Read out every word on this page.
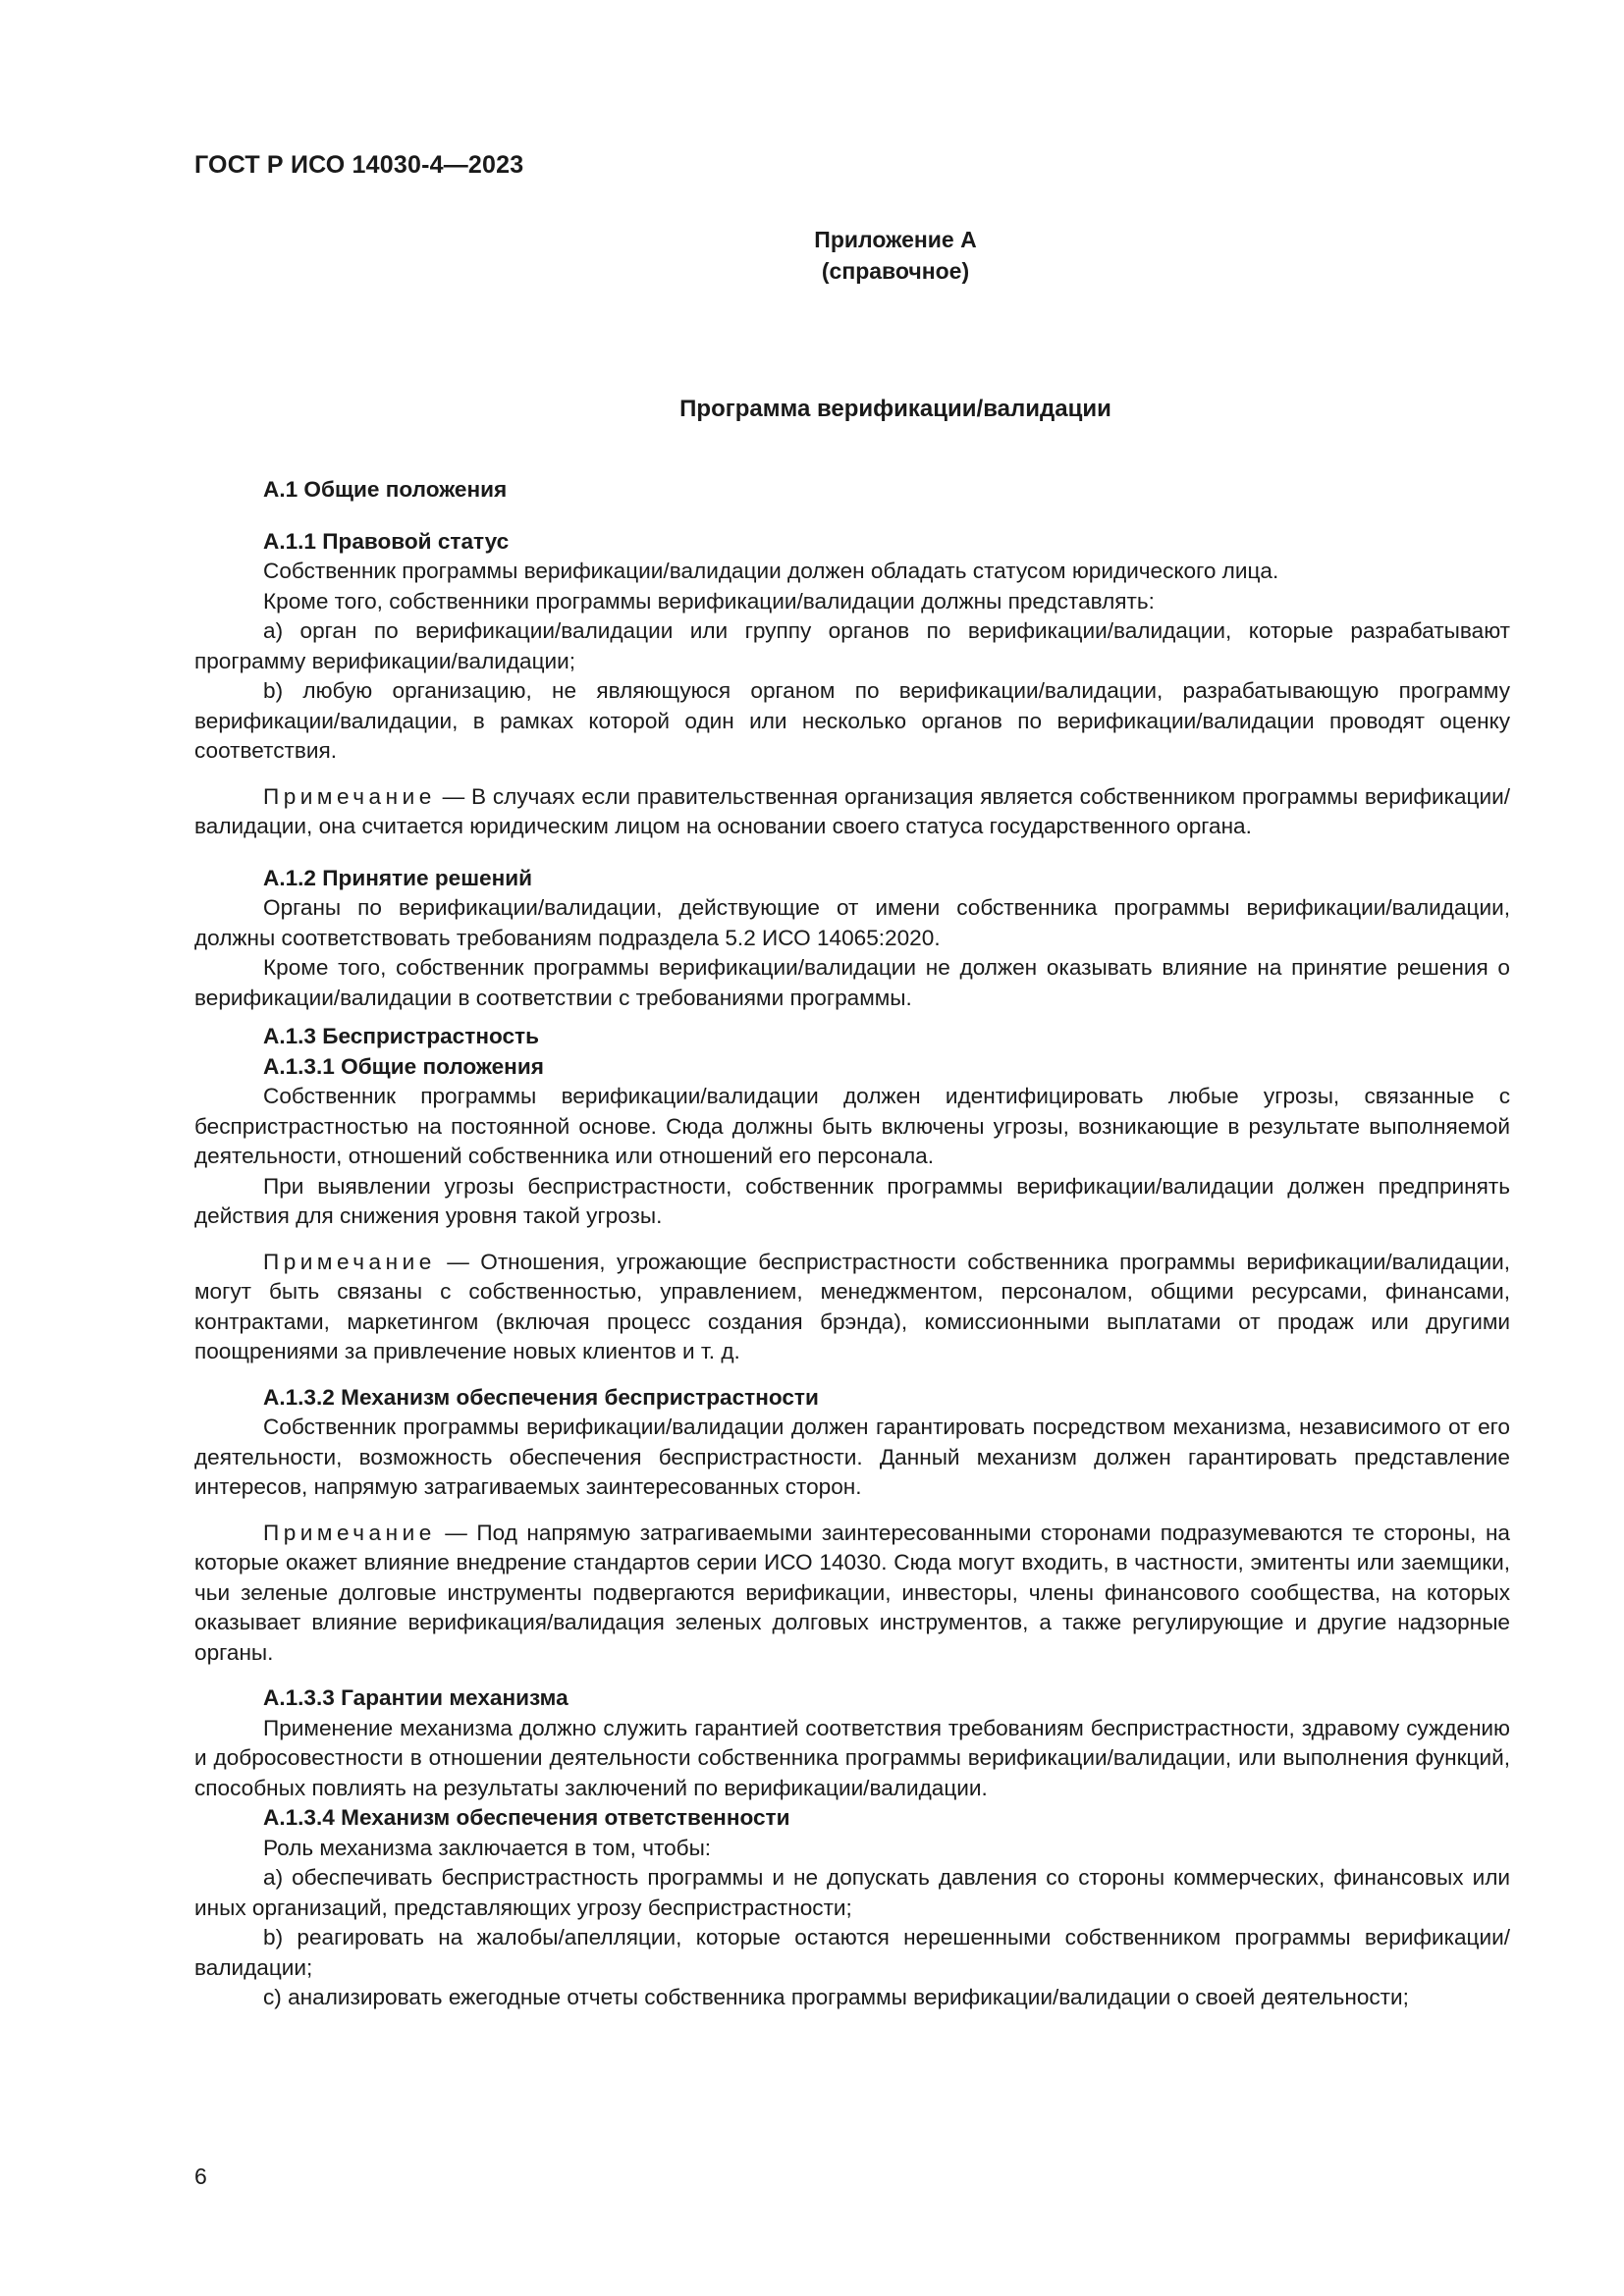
ГОСТ Р ИСО 14030-4—2023
Приложение А
(справочное)
Программа верификации/валидации

А.1 Общие положения

А.1.1 Правовой статус

Собственник программы верификации/валидации должен обладать статусом юридического лица.

Кроме того, собственники программы верификации/валидации должны представлять:

а) орган по верификации/валидации или группу органов по верификации/валидации, которые разрабатывают программу верификации/валидации;

b) любую организацию, не являющуюся органом по верификации/валидации, разрабатывающую программу верификации/валидации, в рамках которой один или несколько органов по верификации/валидации проводят оценку соответствия.

Примечание — В случаях если правительственная организация является собственником программы верификации/валидации, она считается юридическим лицом на основании своего статуса государственного органа.

А.1.2 Принятие решений

Органы по верификации/валидации, действующие от имени собственника программы верификации/валидации, должны соответствовать требованиям подраздела 5.2 ИСО 14065:2020.

Кроме того, собственник программы верификации/валидации не должен оказывать влияние на принятие решения о верификации/валидации в соответствии с требованиями программы.

А.1.3 Беспристрастность

А.1.3.1 Общие положения

Собственник программы верификации/валидации должен идентифицировать любые угрозы, связанные с беспристрастностью на постоянной основе. Сюда должны быть включены угрозы, возникающие в результате выполняемой деятельности, отношений собственника или отношений его персонала.

При выявлении угрозы беспристрастности, собственник программы верификации/валидации должен предпринять действия для снижения уровня такой угрозы.

Примечание — Отношения, угрожающие беспристрастности собственника программы верификации/валидации, могут быть связаны с собственностью, управлением, менеджментом, персоналом, общими ресурсами, финансами, контрактами, маркетингом (включая процесс создания брэнда), комиссионными выплатами от продаж или другими поощрениями за привлечение новых клиентов и т. д.

А.1.3.2 Механизм обеспечения беспристрастности

Собственник программы верификации/валидации должен гарантировать посредством механизма, независимого от его деятельности, возможность обеспечения беспристрастности. Данный механизм должен гарантировать представление интересов, напрямую затрагиваемых заинтересованных сторон.

Примечание — Под напрямую затрагиваемыми заинтересованными сторонами подразумеваются те стороны, на которые окажет влияние внедрение стандартов серии ИСО 14030. Сюда могут входить, в частности, эмитенты или заемщики, чьи зеленые долговые инструменты подвергаются верификации, инвесторы, члены финансового сообщества, на которых оказывает влияние верификация/валидация зеленых долговых инструментов, а также регулирующие и другие надзорные органы.

А.1.3.3 Гарантии механизма

Применение механизма должно служить гарантией соответствия требованиям беспристрастности, здравому суждению и добросовестности в отношении деятельности собственника программы верификации/валидации, или выполнения функций, способных повлиять на результаты заключений по верификации/валидации.

А.1.3.4 Механизм обеспечения ответственности

Роль механизма заключается в том, чтобы:

а) обеспечивать беспристрастность программы и не допускать давления со стороны коммерческих, финансовых или иных организаций, представляющих угрозу беспристрастности;

b) реагировать на жалобы/апелляции, которые остаются нерешенными собственником программы верификации/валидации;

с) анализировать ежегодные отчеты собственника программы верификации/валидации о своей деятельности;

6
